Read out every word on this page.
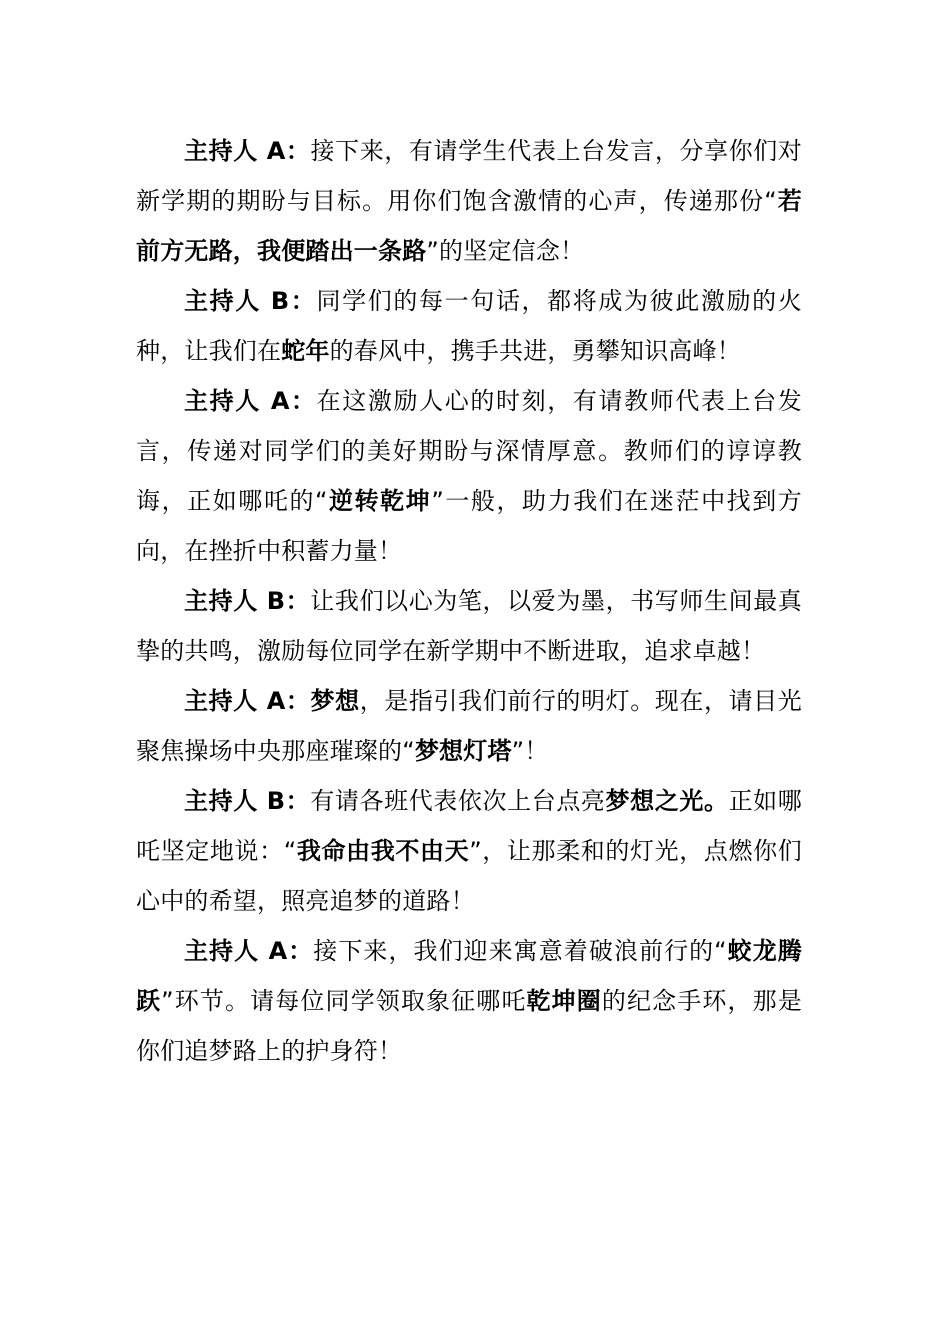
主持人 A：接下来，有请学生代表上台发言，分享你们对新学期的期盼与目标。用你们饱含激情的心声，传递那份“若前方无路，我便踏出一条路”的坚定信念！

主持人 B：同学们的每一句话，都将成为彼此激励的火种，让我们在蛇年的春风中，携手共进，勇攀知识高峰！

主持人 A：在这激励人心的时刻，有请教师代表上台发言，传递对同学们的美好期盼与深情厚意。教师们的谆谆教诲，正如哪吒的“逆转乾坤”一般，助力我们在迷茫中找到方向，在挫折中积蓄力量！

主持人 B：让我们以心为笔，以爱为墨，书写师生间最真挚的共鸣，激励每位同学在新学期中不断进取，追求卓越！

主持人 A：梦想，是指引我们前行的明灯。现在，请目光聚焦操场中央那座璀璨的“梦想灯塔”！

主持人 B：有请各班代表依次上台点亮梦想之光。正如哪吒坚定地说：“我命由我不由天”，让那柔和的灯光，点燃你们心中的希望，照亮追梦的道路！

主持人 A：接下来，我们迎来寓意着破浪前行的“蛟龙腾跃”环节。请每位同学领取象征哪吒乾坤圈的纪念手环，那是你们追梦路上的护身符！
